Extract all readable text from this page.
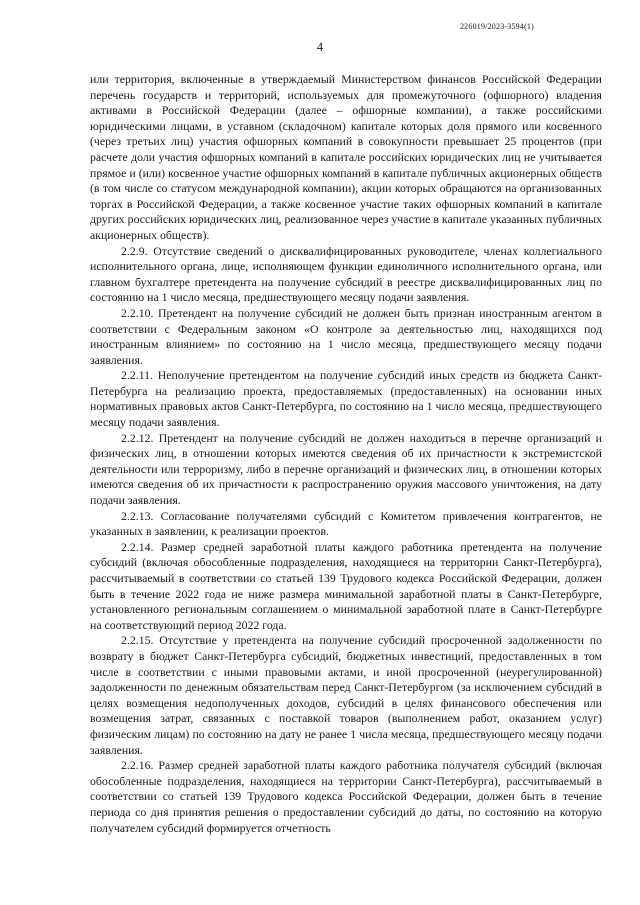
226019/2023-3594(1)
4

или территория, включенные в утверждаемый Министерством финансов Российской Федерации перечень государств и территорий, используемых для промежуточного (офшорного) владения активами в Российской Федерации (далее – офшорные компании), а также российскими юридическими лицами, в уставном (складочном) капитале которых доля прямого или косвенного (через третьих лиц) участия офшорных компаний в совокупности превышает 25 процентов (при расчете доли участия офшорных компаний в капитале российских юридических лиц не учитывается прямое и (или) косвенное участие офшорных компаний в капитале публичных акционерных обществ (в том числе со статусом международной компании), акции которых обращаются на организованных торгах в Российской Федерации, а также косвенное участие таких офшорных компаний в капитале других российских юридических лиц, реализованное через участие в капитале указанных публичных акционерных обществ).

2.2.9. Отсутствие сведений о дисквалифицированных руководителе, членах коллегиального исполнительного органа, лице, исполняющем функции единоличного исполнительного органа, или главном бухгалтере претендента на получение субсидий в реестре дисквалифицированных лиц по состоянию на 1 число месяца, предшествующего месяцу подачи заявления.

2.2.10. Претендент на получение субсидий не должен быть признан иностранным агентом в соответствии с Федеральным законом «О контроле за деятельностью лиц, находящихся под иностранным влиянием» по состоянию на 1 число месяца, предшествующего месяцу подачи заявления.

2.2.11. Неполучение претендентом на получение субсидий иных средств из бюджета Санкт-Петербурга на реализацию проекта, предоставляемых (предоставленных) на основании иных нормативных правовых актов Санкт-Петербурга, по состоянию на 1 число месяца, предшествующего месяцу подачи заявления.

2.2.12. Претендент на получение субсидий не должен находиться в перечне организаций и физических лиц, в отношении которых имеются сведения об их причастности к экстремистской деятельности или терроризму, либо в перечне организаций и физических лиц, в отношении которых имеются сведения об их причастности к распространению оружия массового уничтожения, на дату подачи заявления.

2.2.13. Согласование получателями субсидий с Комитетом привлечения контрагентов, не указанных в заявлении, к реализации проектов.

2.2.14. Размер средней заработной платы каждого работника претендента на получение субсидий (включая обособленные подразделения, находящиеся на территории Санкт-Петербурга), рассчитываемый в соответствии со статьей 139 Трудового кодекса Российской Федерации, должен быть в течение 2022 года не ниже размера минимальной заработной платы в Санкт-Петербурге, установленного региональным соглашением о минимальной заработной плате в Санкт-Петербурге на соответствующий период 2022 года.

2.2.15. Отсутствие у претендента на получение субсидий просроченной задолженности по возврату в бюджет Санкт-Петербурга субсидий, бюджетных инвестиций, предоставленных в том числе в соответствии с иными правовыми актами, и иной просроченной (неурегулированной) задолженности по денежным обязательствам перед Санкт-Петербургом (за исключением субсидий в целях возмещения недополученных доходов, субсидий в целях финансового обеспечения или возмещения затрат, связанных с поставкой товаров (выполнением работ, оказанием услуг) физическим лицам) по состоянию на дату не ранее 1 числа месяца, предшествующего месяцу подачи заявления.

2.2.16. Размер средней заработной платы каждого работника получателя субсидий (включая обособленные подразделения, находящиеся на территории Санкт-Петербурга), рассчитываемый в соответствии со статьей 139 Трудового кодекса Российской Федерации, должен быть в течение периода со дня принятия решения о предоставлении субсидий до даты, по состоянию на которую получателем субсидий формируется отчетность
